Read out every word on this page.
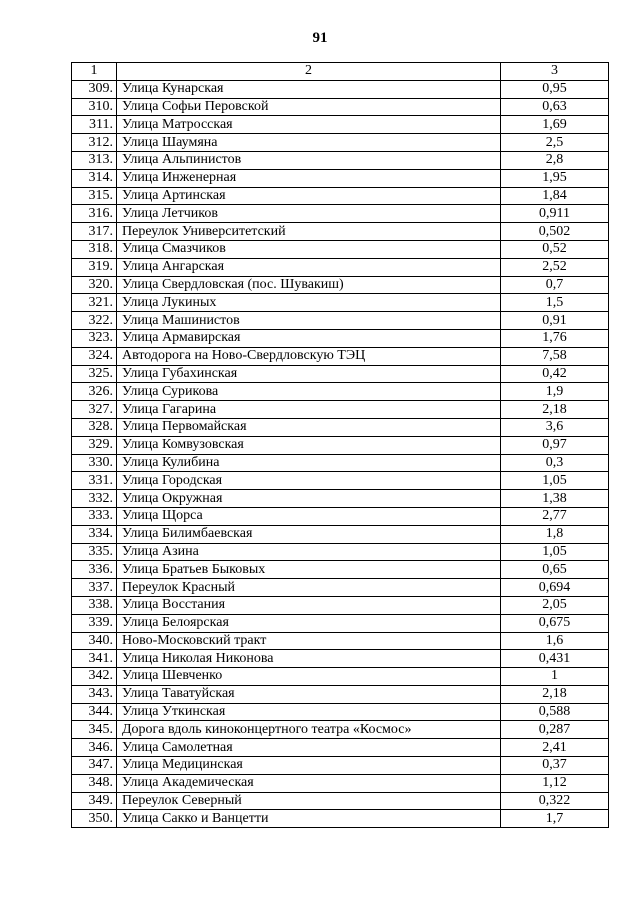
91
1	2	3
309.	Улица Кунарская	0,95
310.	Улица Софьи Перовской	0,63
311.	Улица Матросская	1,69
312.	Улица Шаумяна	2,5
313.	Улица Альпинистов	2,8
314.	Улица Инженерная	1,95
315.	Улица Артинская	1,84
316.	Улица Летчиков	0,911
317.	Переулок Университетский	0,502
318.	Улица Смазчиков	0,52
319.	Улица Ангарская	2,52
320.	Улица Свердловская (пос. Шувакиш)	0,7
321.	Улица Лукиных	1,5
322.	Улица Машинистов	0,91
323.	Улица Армавирская	1,76
324.	Автодорога на Ново-Свердловскую ТЭЦ	7,58
325.	Улица Губахинская	0,42
326.	Улица Сурикова	1,9
327.	Улица Гагарина	2,18
328.	Улица Первомайская	3,6
329.	Улица Комвузовская	0,97
330.	Улица Кулибина	0,3
331.	Улица Городская	1,05
332.	Улица Окружная	1,38
333.	Улица Щорса	2,77
334.	Улица Билимбаевская	1,8
335.	Улица Азина	1,05
336.	Улица Братьев Быковых	0,65
337.	Переулок Красный	0,694
338.	Улица Восстания	2,05
339.	Улица Белоярская	0,675
340.	Ново-Московский тракт	1,6
341.	Улица Николая Никонова	0,431
342.	Улица Шевченко	1
343.	Улица Таватуйская	2,18
344.	Улица Уткинская	0,588
345.	Дорога вдоль киноконцертного театра «Космос»	0,287
346.	Улица Самолетная	2,41
347.	Улица Медицинская	0,37
348.	Улица Академическая	1,12
349.	Переулок Северный	0,322
350.	Улица Сакко и Ванцетти	1,7
